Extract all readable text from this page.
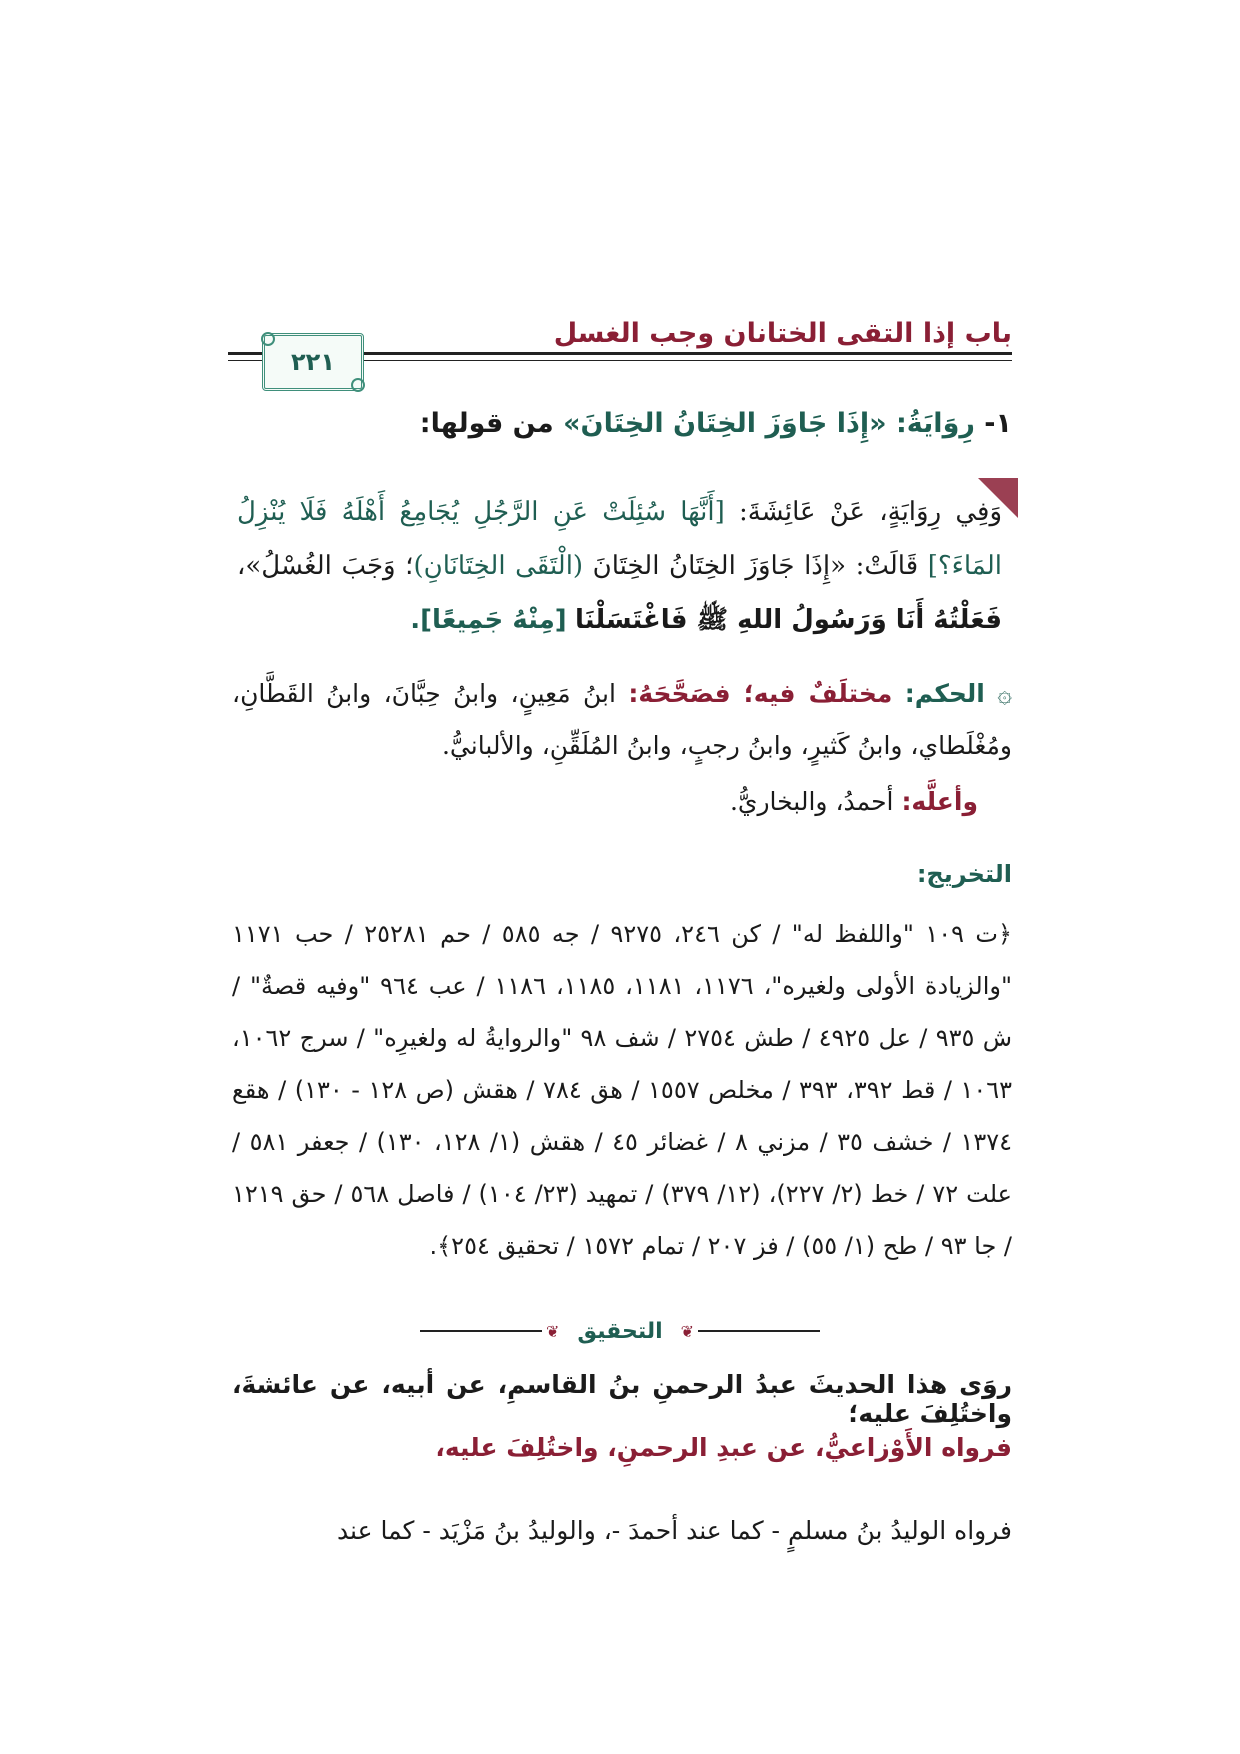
باب إذا التقى الختانان وجب الغسل
٢٢١
١- رِوَايَةُ: «إِذَا جَاوَزَ الخِتَانُ الخِتَانَ» من قولها:
وَفِي رِوَايَةٍ، عَنْ عَائِشَةَ: [أَنَّهَا سُئِلَتْ عَنِ الرَّجُلِ يُجَامِعُ أَهْلَهُ فَلَا يُنْزِلُ المَاءَ؟] قَالَتْ: «إِذَا جَاوَزَ الخِتَانُ الخِتَانَ (الْتَقَى الخِتَانَانِ)؛ وَجَبَ الغُسْلُ»، فَعَلْتُهُ أَنَا وَرَسُولُ اللهِ ﷺ فَاغْتَسَلْنَا [مِنْهُ جَمِيعًا].
۞ الحكم: مختلَفٌ فيه؛ فصَحَّحَهُ: ابنُ مَعِينٍ، وابنُ حِبَّانَ، وابنُ القَطَّانِ، ومُغْلَطاي، وابنُ كَثيرٍ، وابنُ رجبٍ، وابنُ المُلَقِّنِ، والألبانيُّ.
وأعلَّه: أحمدُ، والبخاريُّ.
التخريج:
﴿ت ١٠٩ "واللفظ له" / كن ٢٤٦، ٩٢٧٥ / جه ٥٨٥ / حم ٢٥٢٨١ / حب ١١٧١ "والزيادة الأولى ولغيره"، ١١٧٦، ١١٨١، ١١٨٥، ١١٨٦ / عب ٩٦٤ "وفيه قصةٌ" / ش ٩٣٥ / عل ٤٩٢٥ / طش ٢٧٥٤ / شف ٩٨ "والروايةُ له ولغيرِه" / سرج ١٠٦٢، ١٠٦٣ / قط ٣٩٢، ٣٩٣ / مخلص ١٥٥٧ / هق ٧٨٤ / هقش (ص ١٢٨ - ١٣٠) / هقع ١٣٧٤ / خشف ٣٥ / مزني ٨ / غضائر ٤٥ / هقش (١/ ١٢٨، ١٣٠) / جعفر ٥٨١ / علت ٧٢ / خط (٢/ ٢٢٧)، (١٢/ ٣٧٩) / تمهيد (٢٣/ ١٠٤) / فاصل ٥٦٨ / حق ١٢١٩ / جا ٩٣ / طح (١/ ٥٥) / فز ٢٠٧ / تمام ١٥٧٢ / تحقيق ٢٥٤﴾.
❦ التحقيق	❦
روَى هذا الحديثَ عبدُ الرحمنِ بنُ القاسمِ، عن أبيه، عن عائشةَ، واختُلِفَ عليه؛
فرواه الأَوْزاعيُّ، عن عبدِ الرحمنِ، واختُلِفَ عليه،
فرواه الوليدُ بنُ مسلمٍ - كما عند أحمدَ -، والوليدُ بنُ مَزْيَد - كما عند
